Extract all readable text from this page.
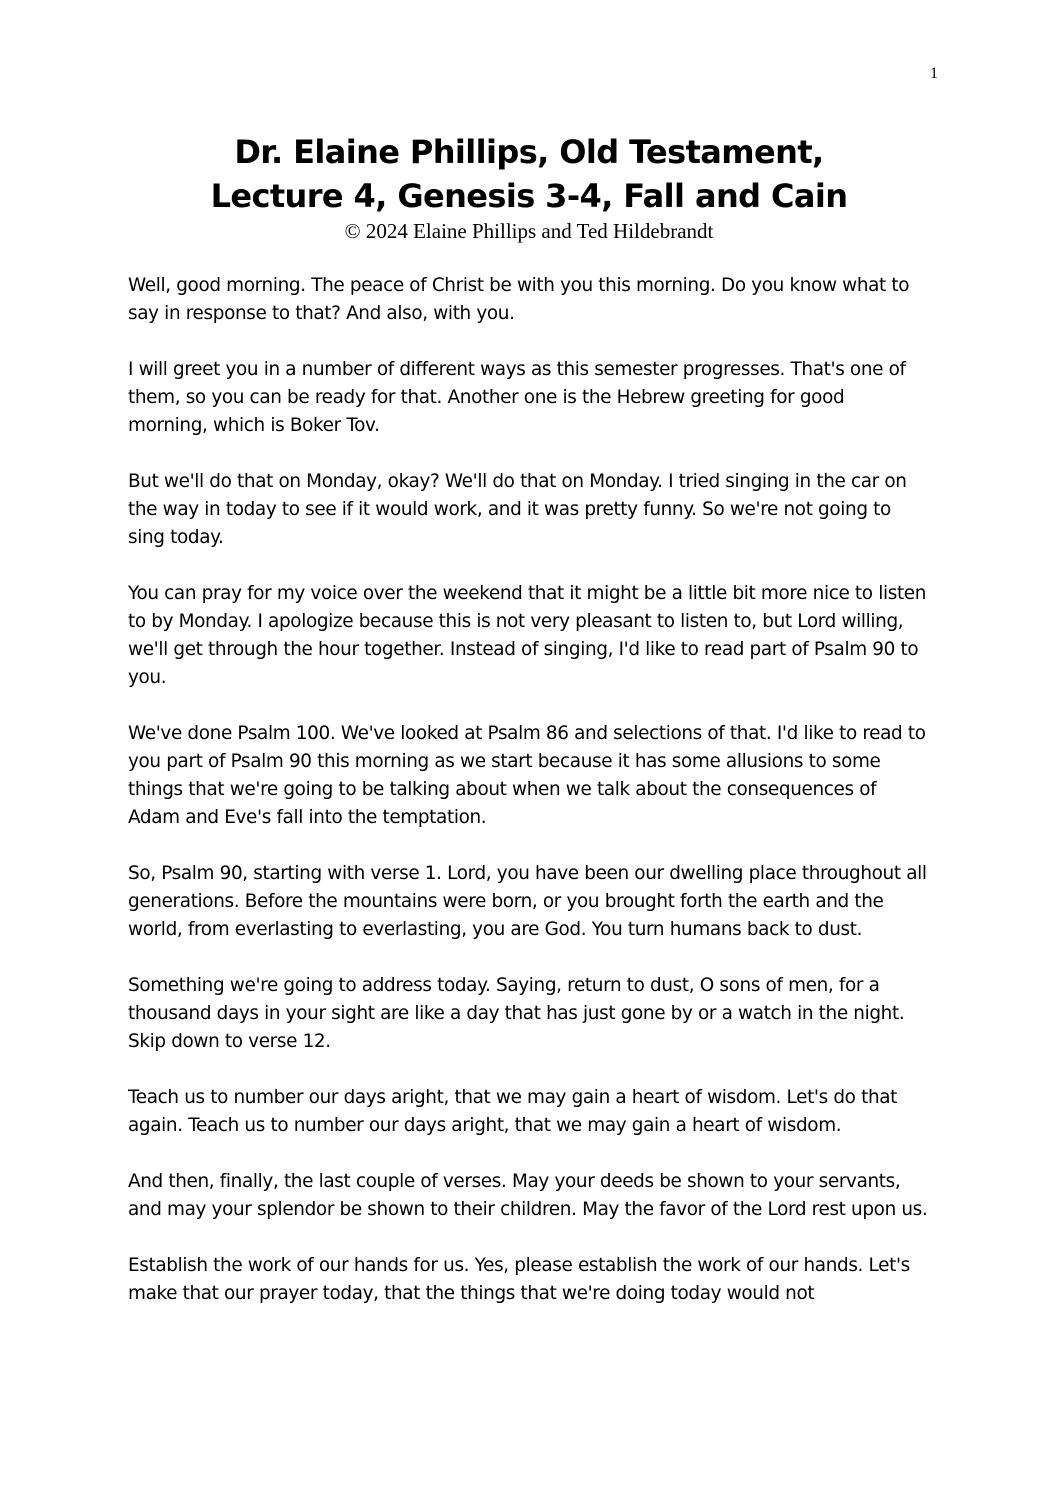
1

Dr. Elaine Phillips, Old Testament,

Lecture 4, Genesis 3-4, Fall and Cain

© 2024 Elaine Phillips and Ted Hildebrandt

Well, good morning. The peace of Christ be with you this morning. Do you know what to say in response to that? And also, with you.

I will greet you in a number of different ways as this semester progresses. That's one of them, so you can be ready for that. Another one is the Hebrew greeting for good morning, which is Boker Tov.

But we'll do that on Monday, okay? We'll do that on Monday. I tried singing in the car on the way in today to see if it would work, and it was pretty funny. So we're not going to sing today.

You can pray for my voice over the weekend that it might be a little bit more nice to listen to by Monday. I apologize because this is not very pleasant to listen to, but Lord willing, we'll get through the hour together. Instead of singing, I'd like to read part of Psalm 90 to you.

We've done Psalm 100. We've looked at Psalm 86 and selections of that. I'd like to read to you part of Psalm 90 this morning as we start because it has some allusions to some things that we're going to be talking about when we talk about the consequences of Adam and Eve's fall into the temptation.

So, Psalm 90, starting with verse 1. Lord, you have been our dwelling place throughout all generations. Before the mountains were born, or you brought forth the earth and the world, from everlasting to everlasting, you are God. You turn humans back to dust.

Something we're going to address today. Saying, return to dust, O sons of men, for a thousand days in your sight are like a day that has just gone by or a watch in the night. Skip down to verse 12.

Teach us to number our days aright, that we may gain a heart of wisdom. Let's do that again. Teach us to number our days aright, that we may gain a heart of wisdom.

And then, finally, the last couple of verses. May your deeds be shown to your servants, and may your splendor be shown to their children. May the favor of the Lord rest upon us.

Establish the work of our hands for us. Yes, please establish the work of our hands. Let's make that our prayer today, that the things that we're doing today would not
